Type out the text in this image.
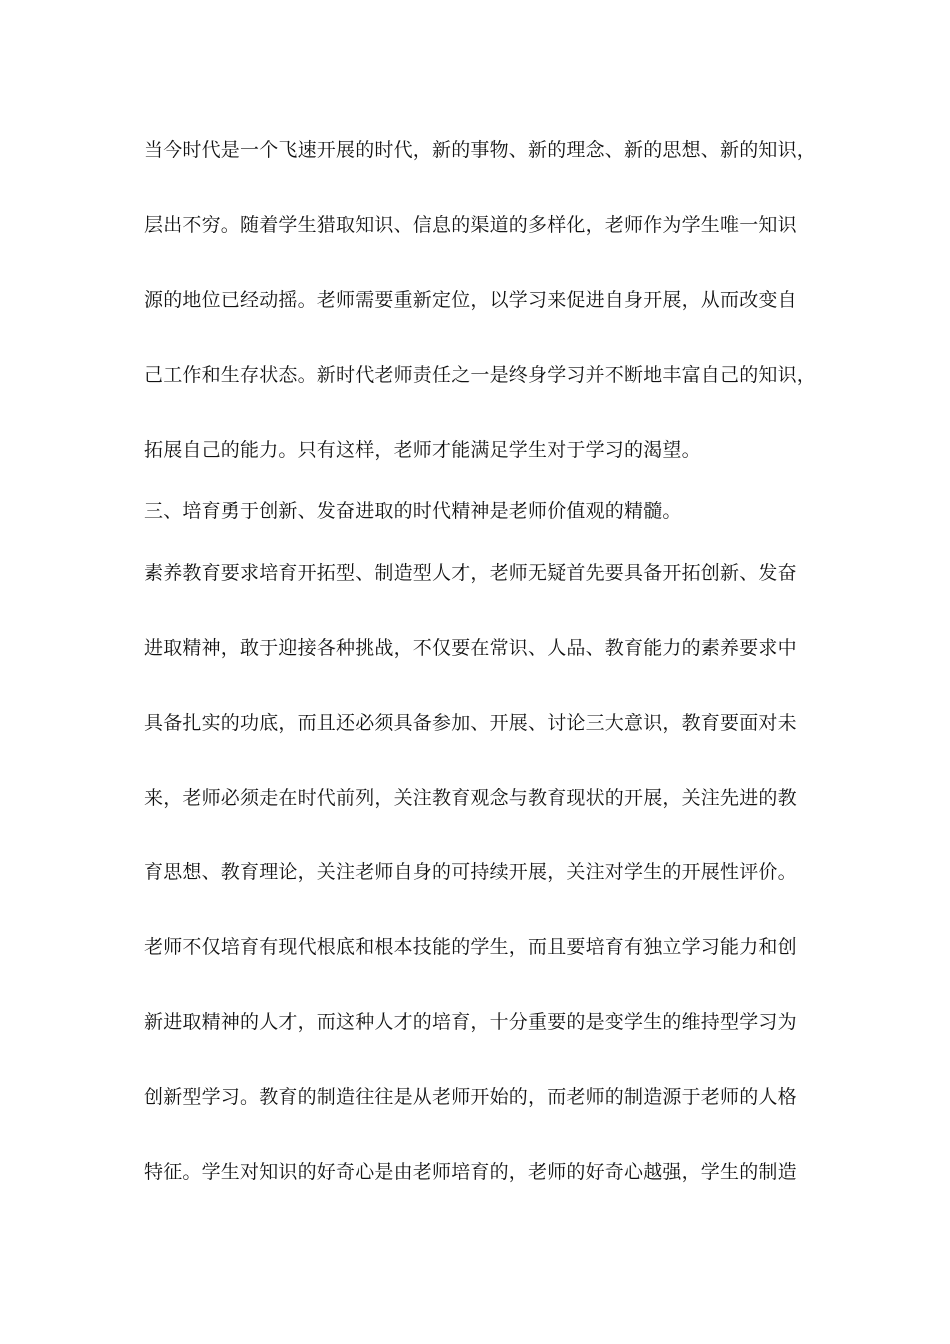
当今时代是一个飞速开展的时代，新的事物、新的理念、新的思想、新的知识，
层出不穷。随着学生猎取知识、信息的渠道的多样化，老师作为学生唯一知识
源的地位已经动摇。老师需要重新定位，以学习来促进自身开展，从而改变自
己工作和生存状态。新时代老师责任之一是终身学习并不断地丰富自己的知识，
拓展自己的能力。只有这样，老师才能满足学生对于学习的渴望。
三、培育勇于创新、发奋进取的时代精神是老师价值观的精髓。
素养教育要求培育开拓型、制造型人才，老师无疑首先要具备开拓创新、发奋
进取精神，敢于迎接各种挑战，不仅要在常识、人品、教育能力的素养要求中
具备扎实的功底，而且还必须具备参加、开展、讨论三大意识，教育要面对未
来，老师必须走在时代前列，关注教育观念与教育现状的开展，关注先进的教
育思想、教育理论，关注老师自身的可持续开展，关注对学生的开展性评价。
老师不仅培育有现代根底和根本技能的学生，而且要培育有独立学习能力和创
新进取精神的人才，而这种人才的培育，十分重要的是变学生的维持型学习为
创新型学习。教育的制造往往是从老师开始的，而老师的制造源于老师的人格
特征。学生对知识的好奇心是由老师培育的，老师的好奇心越强，学生的制造
